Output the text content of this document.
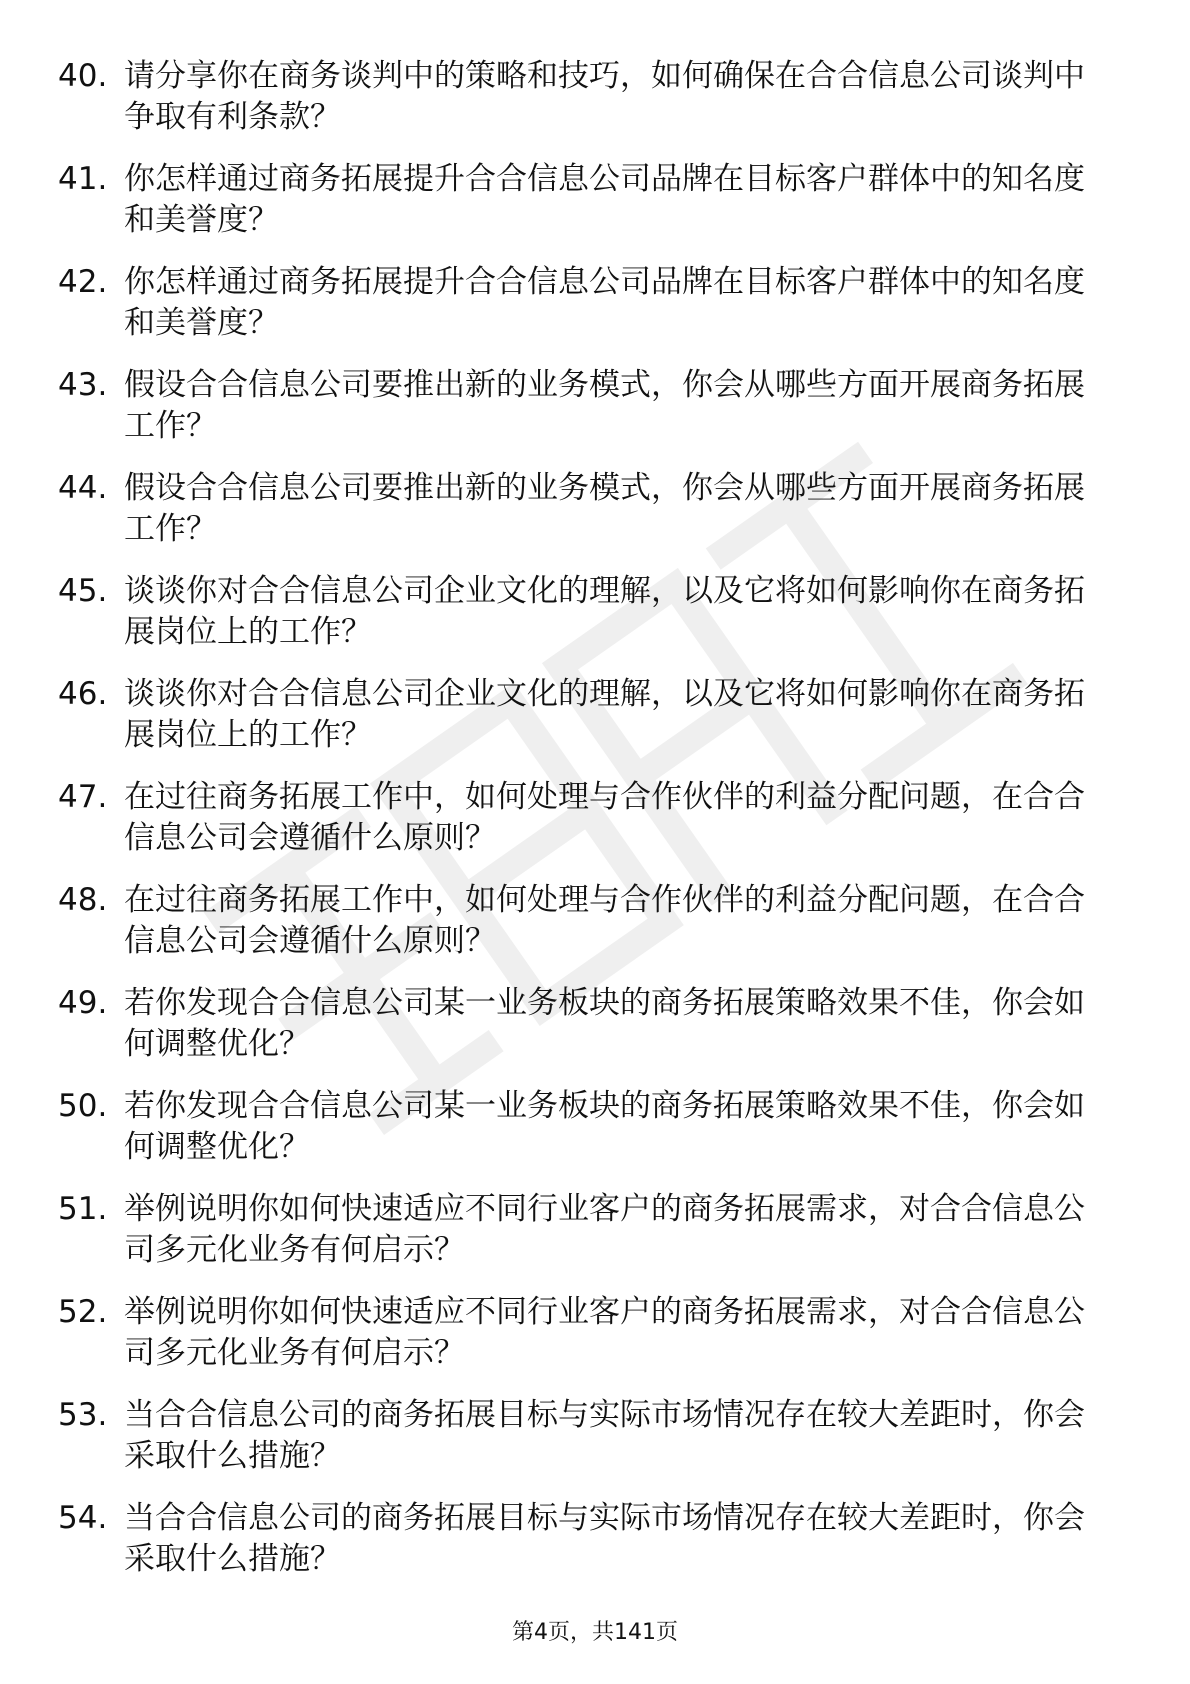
40. 请分享你在商务谈判中的策略和技巧，如何确保在合合信息公司谈判中争取有利条款？
41. 你怎样通过商务拓展提升合合信息公司品牌在目标客户群体中的知名度和美誉度？
42. 你怎样通过商务拓展提升合合信息公司品牌在目标客户群体中的知名度和美誉度？
43. 假设合合信息公司要推出新的业务模式，你会从哪些方面开展商务拓展工作？
44. 假设合合信息公司要推出新的业务模式，你会从哪些方面开展商务拓展工作？
45. 谈谈你对合合信息公司企业文化的理解，以及它将如何影响你在商务拓展岗位上的工作？
46. 谈谈你对合合信息公司企业文化的理解，以及它将如何影响你在商务拓展岗位上的工作？
47. 在过往商务拓展工作中，如何处理与合作伙伴的利益分配问题，在合合信息公司会遵循什么原则？
48. 在过往商务拓展工作中，如何处理与合作伙伴的利益分配问题，在合合信息公司会遵循什么原则？
49. 若你发现合合信息公司某一业务板块的商务拓展策略效果不佳，你会如何调整优化？
50. 若你发现合合信息公司某一业务板块的商务拓展策略效果不佳，你会如何调整优化？
51. 举例说明你如何快速适应不同行业客户的商务拓展需求，对合合信息公司多元化业务有何启示？
52. 举例说明你如何快速适应不同行业客户的商务拓展需求，对合合信息公司多元化业务有何启示？
53. 当合合信息公司的商务拓展目标与实际市场情况存在较大差距时，你会采取什么措施？
54. 当合合信息公司的商务拓展目标与实际市场情况存在较大差距时，你会采取什么措施？
第4页，共141页
